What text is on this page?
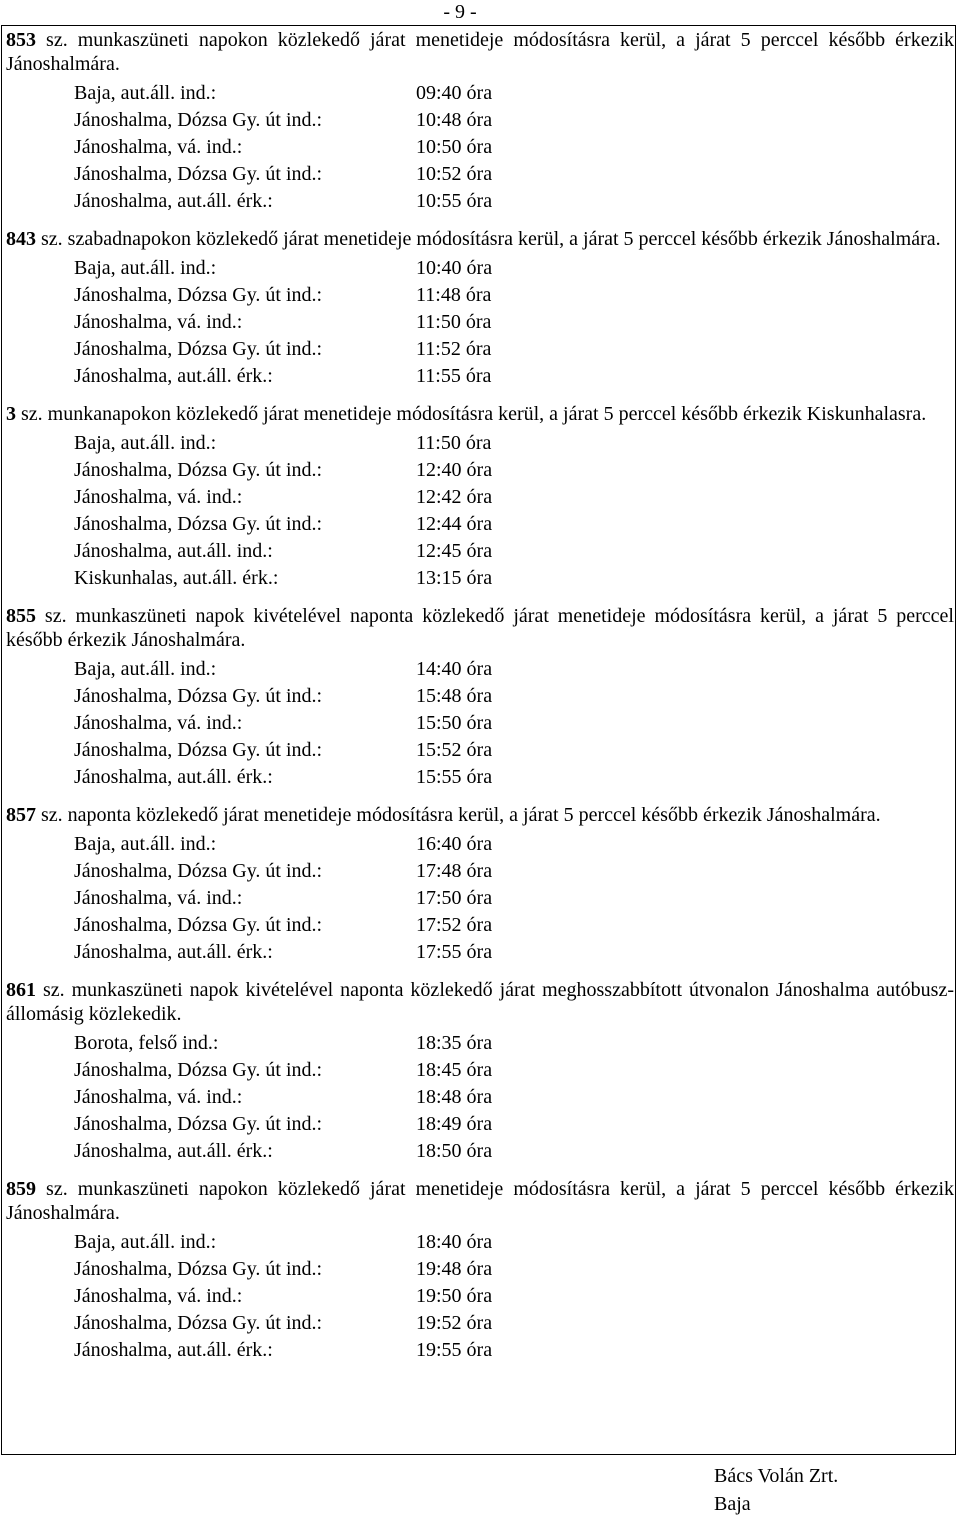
- 9 -
853 sz. munkaszüneti napokon közlekedő járat menetideje módosításra kerül, a járat 5 perccel később érkezik Jánoshalmára.
Baja, aut.áll. ind.:	09:40 óra
Jánoshalma, Dózsa Gy. út ind.:	10:48 óra
Jánoshalma, vá. ind.:	10:50 óra
Jánoshalma, Dózsa Gy. út ind.:	10:52 óra
Jánoshalma, aut.áll. érk.:	10:55 óra
843 sz. szabadnapokon közlekedő járat menetideje módosításra kerül, a járat 5 perccel később érkezik Jánoshalmára.
Baja, aut.áll. ind.:	10:40 óra
Jánoshalma, Dózsa Gy. út ind.:	11:48 óra
Jánoshalma, vá. ind.:	11:50 óra
Jánoshalma, Dózsa Gy. út ind.:	11:52 óra
Jánoshalma, aut.áll. érk.:	11:55 óra
3 sz. munkanapokon közlekedő járat menetideje módosításra kerül, a járat 5 perccel később érkezik Kiskunhalasra.
Baja, aut.áll. ind.:	11:50 óra
Jánoshalma, Dózsa Gy. út ind.:	12:40 óra
Jánoshalma, vá. ind.:	12:42 óra
Jánoshalma, Dózsa Gy. út ind.:	12:44 óra
Jánoshalma, aut.áll. ind.:	12:45 óra
Kiskunhalas, aut.áll. érk.:	13:15 óra
855 sz. munkaszüneti napok kivételével naponta közlekedő járat menetideje módosításra kerül, a járat 5 perccel később érkezik Jánoshalmára.
Baja, aut.áll. ind.:	14:40 óra
Jánoshalma, Dózsa Gy. út ind.:	15:48 óra
Jánoshalma, vá. ind.:	15:50 óra
Jánoshalma, Dózsa Gy. út ind.:	15:52 óra
Jánoshalma, aut.áll. érk.:	15:55 óra
857 sz. naponta közlekedő járat menetideje módosításra kerül, a járat 5 perccel később érkezik Jánoshalmára.
Baja, aut.áll. ind.:	16:40 óra
Jánoshalma, Dózsa Gy. út ind.:	17:48 óra
Jánoshalma, vá. ind.:	17:50 óra
Jánoshalma, Dózsa Gy. út ind.:	17:52 óra
Jánoshalma, aut.áll. érk.:	17:55 óra
861 sz. munkaszüneti napok kivételével naponta közlekedő járat meghosszabbított útvonalon Jánoshalma autóbusz-állomásig közlekedik.
Borota, felső ind.:	18:35 óra
Jánoshalma, Dózsa Gy. út ind.:	18:45 óra
Jánoshalma, vá. ind.:	18:48 óra
Jánoshalma, Dózsa Gy. út ind.:	18:49 óra
Jánoshalma, aut.áll. érk.:	18:50 óra
859 sz. munkaszüneti napokon közlekedő járat menetideje módosításra kerül, a járat 5 perccel később érkezik Jánoshalmára.
Baja, aut.áll. ind.:	18:40 óra
Jánoshalma, Dózsa Gy. út ind.:	19:48 óra
Jánoshalma, vá. ind.:	19:50 óra
Jánoshalma, Dózsa Gy. út ind.:	19:52 óra
Jánoshalma, aut.áll. érk.:	19:55 óra
Bács Volán Zrt.
Baja
